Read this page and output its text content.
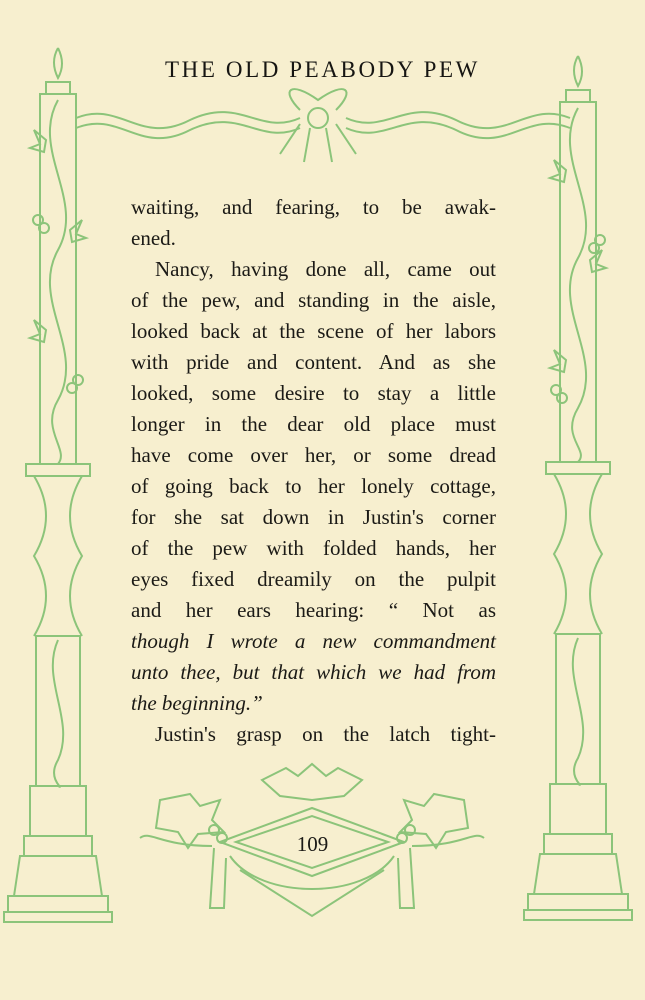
THE OLD PEABODY PEW
waiting, and fearing, to be awak-
ened.
Nancy, having done all, came out
of the pew, and standing in the aisle,
looked back at the scene of her labors
with pride and content. And as she
looked, some desire to stay a little
longer in the dear old place must
have come over her, or some dread
of going back to her lonely cottage,
for she sat down in Justin's corner
of the pew with folded hands, her
eyes fixed dreamily on the pulpit
and her ears hearing: “ Not as
though I wrote a new commandment
unto thee, but that which we had from
the beginning.”
Justin's grasp on the latch tight-
109
